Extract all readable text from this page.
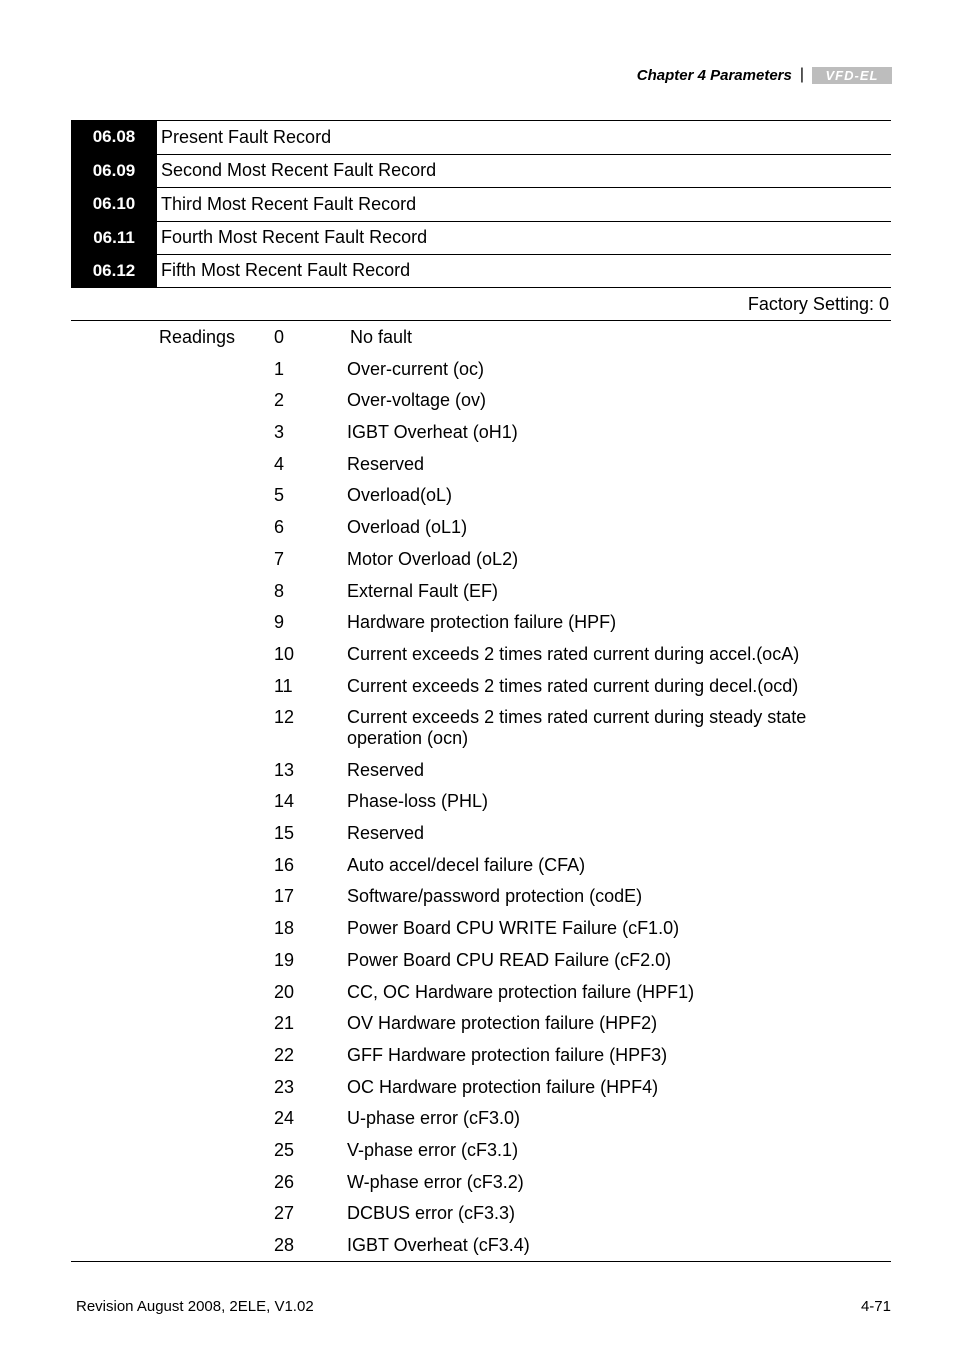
Chapter 4 Parameters |	VFD-EL
06.08	Present Fault Record
06.09	Second Most Recent Fault Record
06.10	Third Most Recent Fault Record
06.11	Fourth Most Recent Fault Record
06.12	Fifth Most Recent Fault Record
Factory Setting: 0
Readings 0	No fault
1	Over-current (oc)
2	Over-voltage (ov)
3	IGBT Overheat (oH1)
4	Reserved
5	Overload(oL)
6	Overload (oL1)
7	Motor Overload (oL2)
8	External Fault (EF)
9	Hardware protection failure (HPF)
10	Current exceeds 2 times rated current during accel.(ocA)
11	Current exceeds 2 times rated current during decel.(ocd)
12	Current exceeds 2 times rated current during steady state operation (ocn)
13	Reserved
14	Phase-loss (PHL)
15	Reserved
16	Auto accel/decel failure (CFA)
17	Software/password protection (codE)
18	Power Board CPU WRITE Failure (cF1.0)
19	Power Board CPU READ Failure (cF2.0)
20	CC, OC Hardware protection failure (HPF1)
21	OV Hardware protection failure (HPF2)
22	GFF Hardware protection failure (HPF3)
23	OC Hardware protection failure (HPF4)
24	U-phase error (cF3.0)
25	V-phase error (cF3.1)
26	W-phase error (cF3.2)
27	DCBUS error (cF3.3)
28	IGBT Overheat (cF3.4)
Revision August 2008, 2ELE, V1.02	4-71
